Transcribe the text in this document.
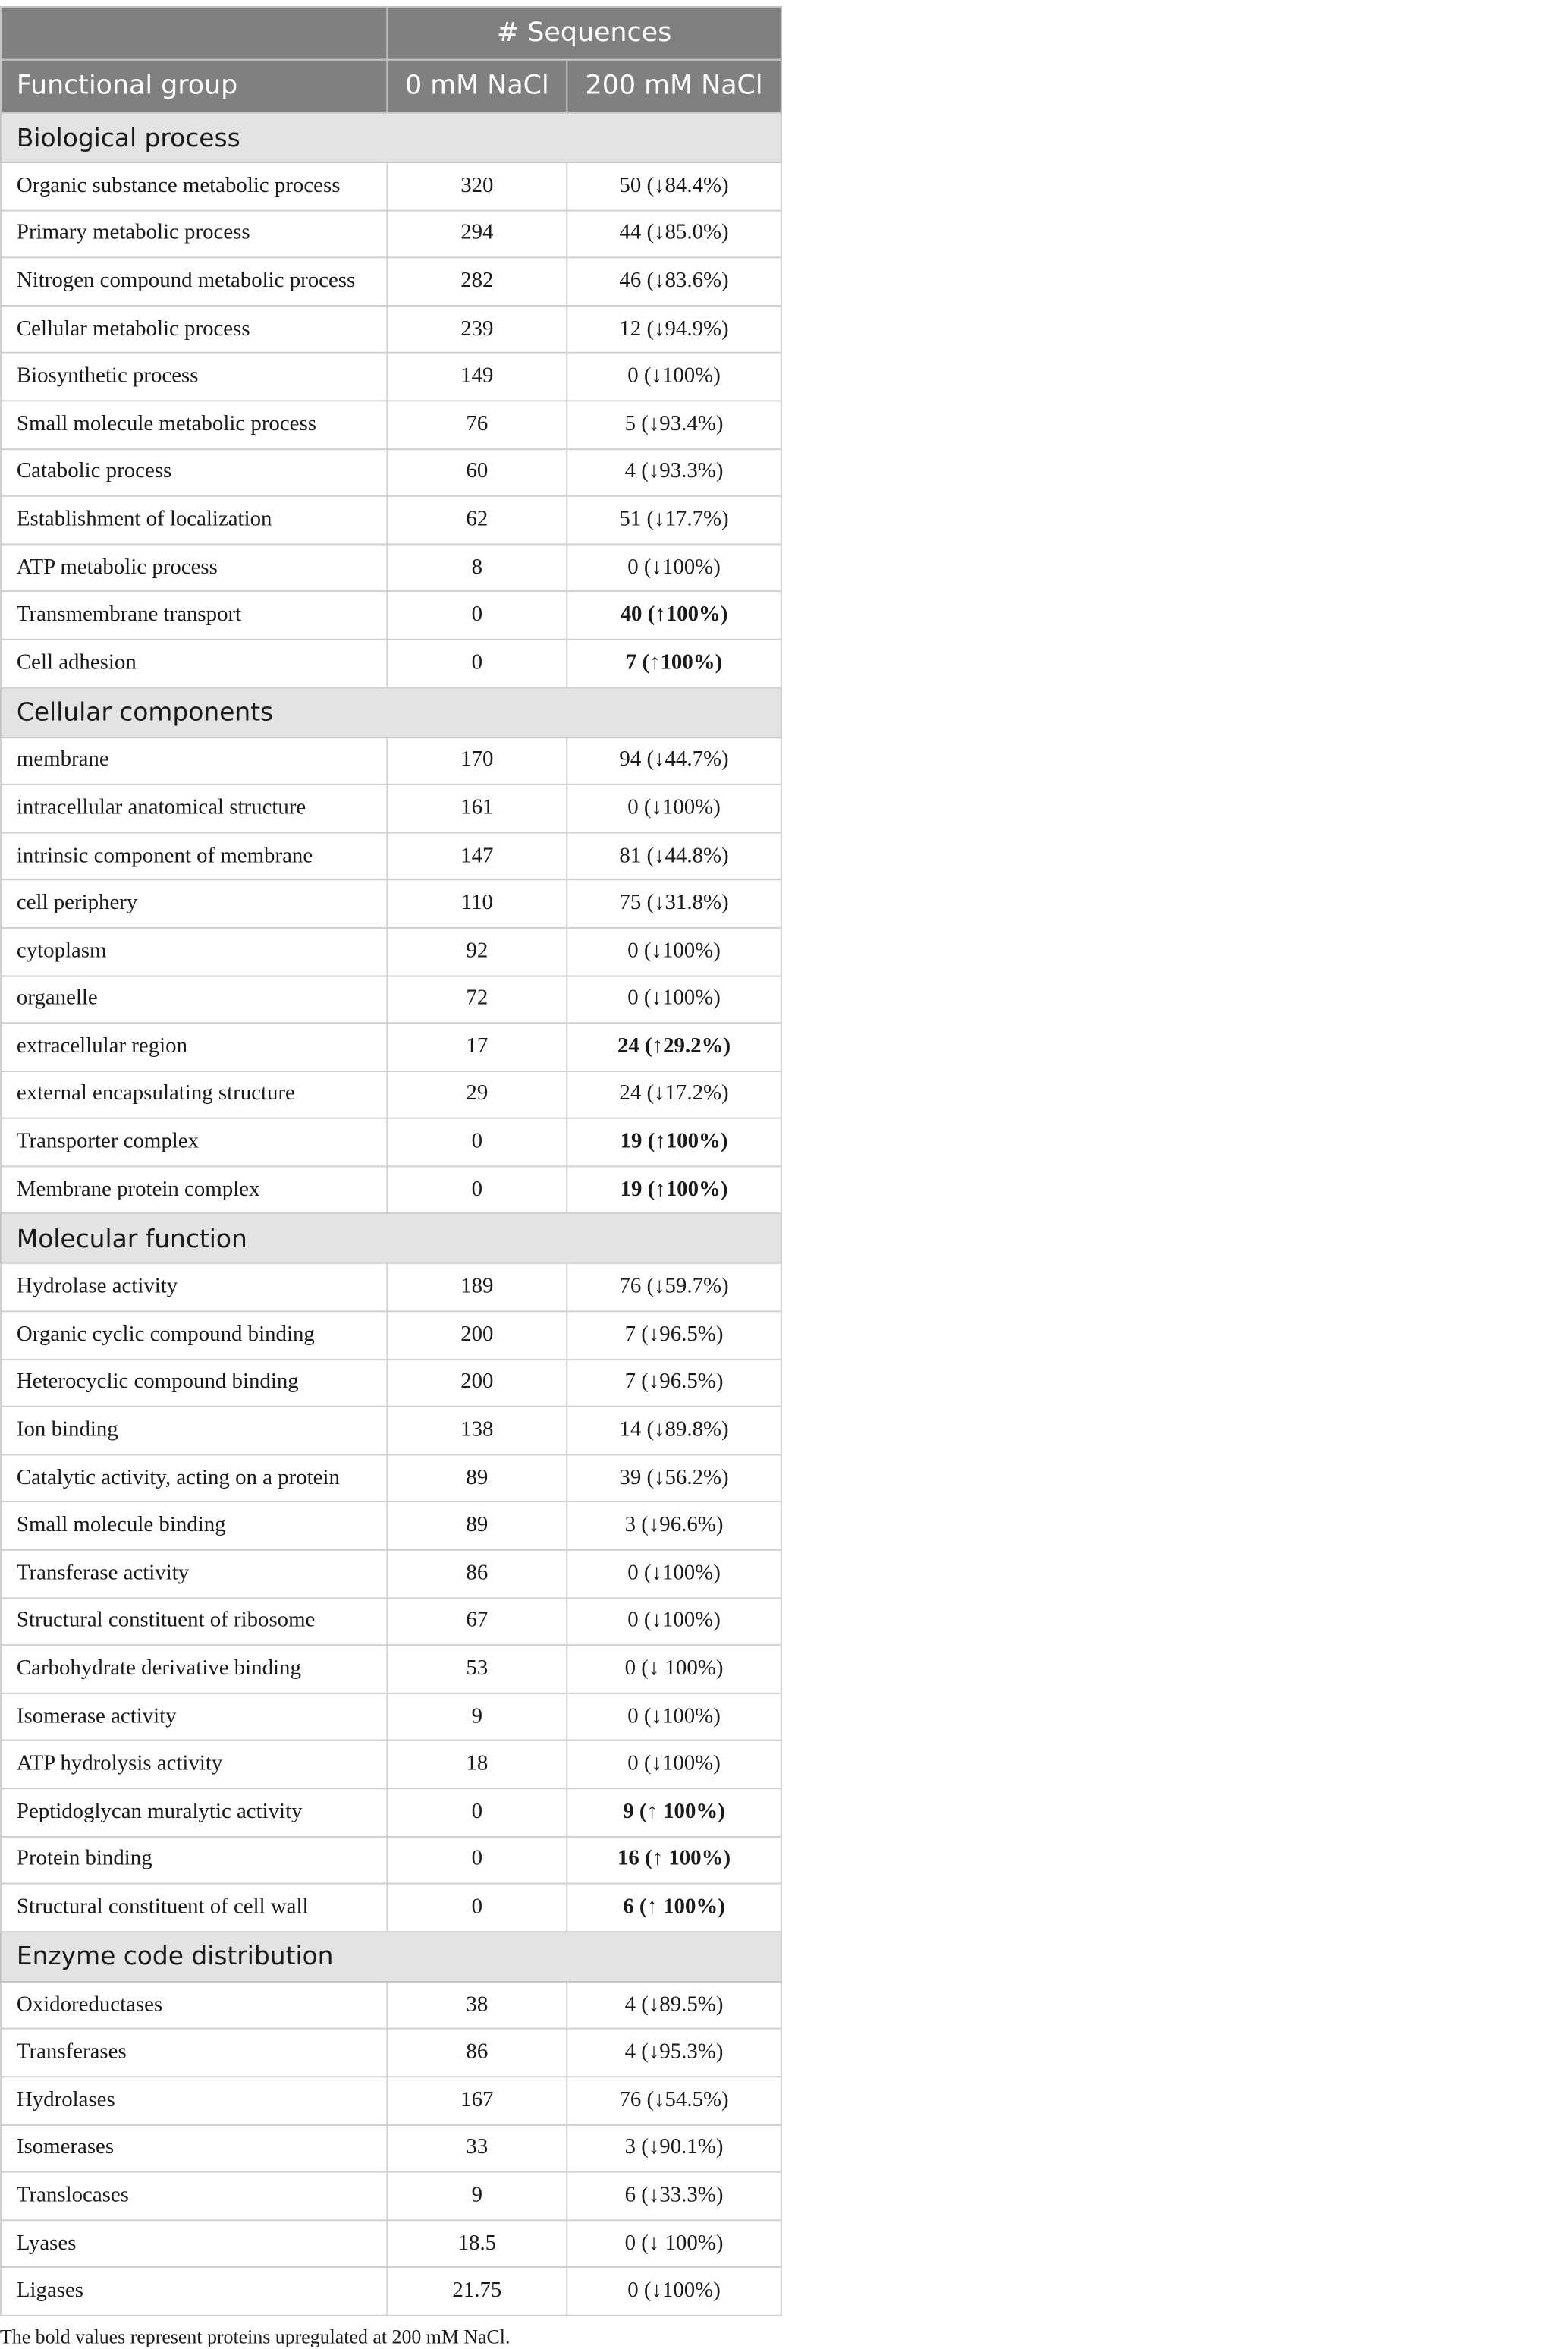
	# Sequences	
Functional group	0 mM NaCl	200 mM NaCl
Biological process		
Organic substance metabolic process	320	50 (↓84.4%)
Primary metabolic process	294	44 (↓85.0%)
Nitrogen compound metabolic process	282	46 (↓83.6%)
Cellular metabolic process	239	12 (↓94.9%)
Biosynthetic process	149	0 (↓100%)
Small molecule metabolic process	76	5 (↓93.4%)
Catabolic process	60	4 (↓93.3%)
Establishment of localization	62	51 (↓17.7%)
ATP metabolic process	8	0 (↓100%)
Transmembrane transport	0	40 (↑100%)
Cell adhesion	0	7 (↑100%)
Cellular components		
membrane	170	94 (↓44.7%)
intracellular anatomical structure	161	0 (↓100%)
intrinsic component of membrane	147	81 (↓44.8%)
cell periphery	110	75 (↓31.8%)
cytoplasm	92	0 (↓100%)
organelle	72	0 (↓100%)
extracellular region	17	24 (↑29.2%)
external encapsulating structure	29	24 (↓17.2%)
Transporter complex	0	19 (↑100%)
Membrane protein complex	0	19 (↑100%)
Molecular function		
Hydrolase activity	189	76 (↓59.7%)
Organic cyclic compound binding	200	7 (↓96.5%)
Heterocyclic compound binding	200	7 (↓96.5%)
Ion binding	138	14 (↓89.8%)
Catalytic activity, acting on a protein	89	39 (↓56.2%)
Small molecule binding	89	3 (↓96.6%)
Transferase activity	86	0 (↓100%)
Structural constituent of ribosome	67	0 (↓100%)
Carbohydrate derivative binding	53	0 (↓ 100%)
Isomerase activity	9	0 (↓100%)
ATP hydrolysis activity	18	0 (↓100%)
Peptidoglycan muralytic activity	0	9 (↑ 100%)
Protein binding	0	16 (↑ 100%)
Structural constituent of cell wall	0	6 (↑ 100%)
Enzyme code distribution		
Oxidoreductases	38	4 (↓89.5%)
Transferases	86	4 (↓95.3%)
Hydrolases	167	76 (↓54.5%)
Isomerases	33	3 (↓90.1%)
Translocases	9	6 (↓33.3%)
Lyases	18.5	0 (↓ 100%)
Ligases	21.75	0 (↓100%)
The bold values represent proteins upregulated at 200 mM NaCl.
